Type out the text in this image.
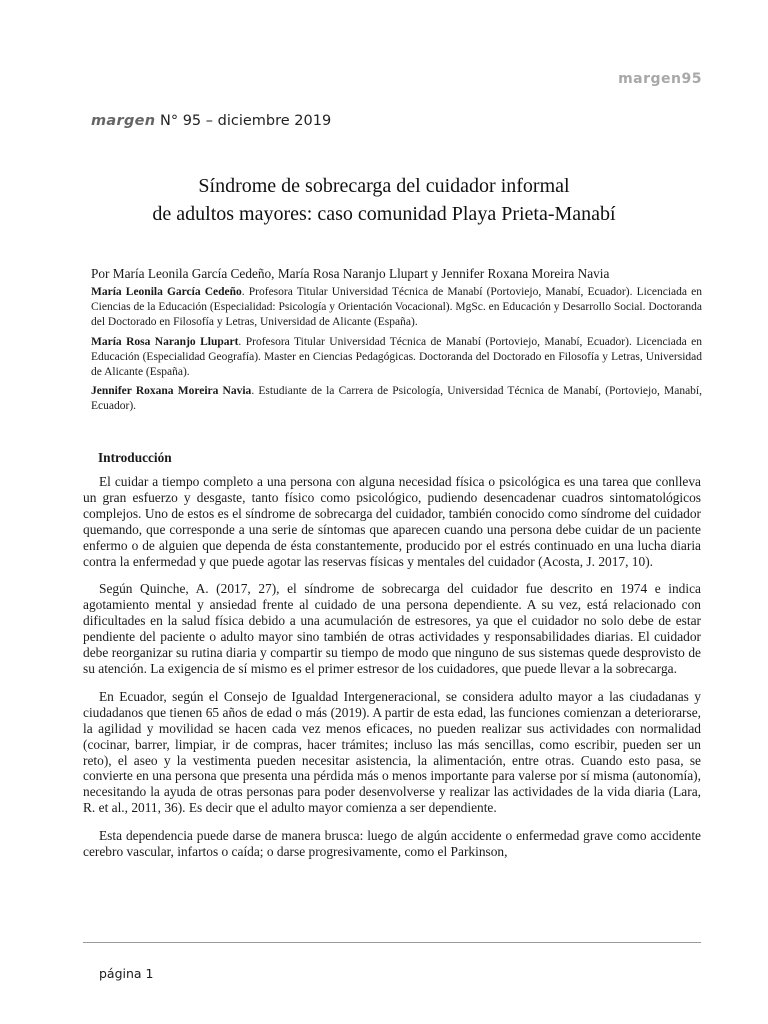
margen95
margen N° 95 – diciembre 2019
Síndrome de sobrecarga del cuidador informal
de adultos mayores: caso comunidad Playa Prieta-Manabí
Por María Leonila García Cedeño, María Rosa Naranjo Llupart y Jennifer Roxana Moreira Navia

María Leonila García Cedeño. Profesora Titular Universidad Técnica de Manabí (Portoviejo, Manabí, Ecuador). Licenciada en Ciencias de la Educación (Especialidad: Psicología y Orientación Vocacional). MgSc. en Educación y Desarrollo Social. Doctoranda del Doctorado en Filosofía y Letras, Universidad de Alicante (España).

María Rosa Naranjo Llupart. Profesora Titular Universidad Técnica de Manabí (Portoviejo, Manabí, Ecuador). Licenciada en Educación (Especialidad Geografía). Master en Ciencias Pedagógicas. Doctoranda del Doctorado en Filosofía y Letras, Universidad de Alicante (España).

Jennifer Roxana Moreira Navia. Estudiante de la Carrera de Psicología, Universidad Técnica de Manabí, (Portoviejo, Manabí, Ecuador).

Introducción

El cuidar a tiempo completo a una persona con alguna necesidad física o psicológica es una tarea que conlleva un gran esfuerzo y desgaste, tanto físico como psicológico, pudiendo desencadenar cuadros sintomatológicos complejos. Uno de estos es el síndrome de sobrecarga del cuidador, también conocido como síndrome del cuidador quemando, que corresponde a una serie de síntomas que aparecen cuando una persona debe cuidar de un paciente enfermo o de alguien que dependa de ésta constantemente, producido por el estrés continuado en una lucha diaria contra la enfermedad y que puede agotar las reservas físicas y mentales del cuidador (Acosta, J. 2017, 10).

Según Quinche, A. (2017, 27), el síndrome de sobrecarga del cuidador fue descrito en 1974 e indica agotamiento mental y ansiedad frente al cuidado de una persona dependiente. A su vez, está relacionado con dificultades en la salud física debido a una acumulación de estresores, ya que el cuidador no solo debe de estar pendiente del paciente o adulto mayor sino también de otras actividades y responsabilidades diarias. El cuidador debe reorganizar su rutina diaria y compartir su tiempo de modo que ninguno de sus sistemas quede desprovisto de su atención. La exigencia de sí mismo es el primer estresor de los cuidadores, que puede llevar a la sobrecarga.

En Ecuador, según el Consejo de Igualdad Intergeneracional, se considera adulto mayor a las ciudadanas y ciudadanos que tienen 65 años de edad o más (2019). A partir de esta edad, las funciones comienzan a deteriorarse, la agilidad y movilidad se hacen cada vez menos eficaces, no pueden realizar sus actividades con normalidad (cocinar, barrer, limpiar, ir de compras, hacer trámites; incluso las más sencillas, como escribir, pueden ser un reto), el aseo y la vestimenta pueden necesitar asistencia, la alimentación, entre otras. Cuando esto pasa, se convierte en una persona que presenta una pérdida más o menos importante para valerse por sí misma (autonomía), necesitando la ayuda de otras personas para poder desenvolverse y realizar las actividades de la vida diaria (Lara, R. et al., 2011, 36). Es decir que el adulto mayor comienza a ser dependiente.

Esta dependencia puede darse de manera brusca: luego de algún accidente o enfermedad grave como accidente cerebro vascular, infartos o caída; o darse progresivamente, como el Parkinson,

página 1
